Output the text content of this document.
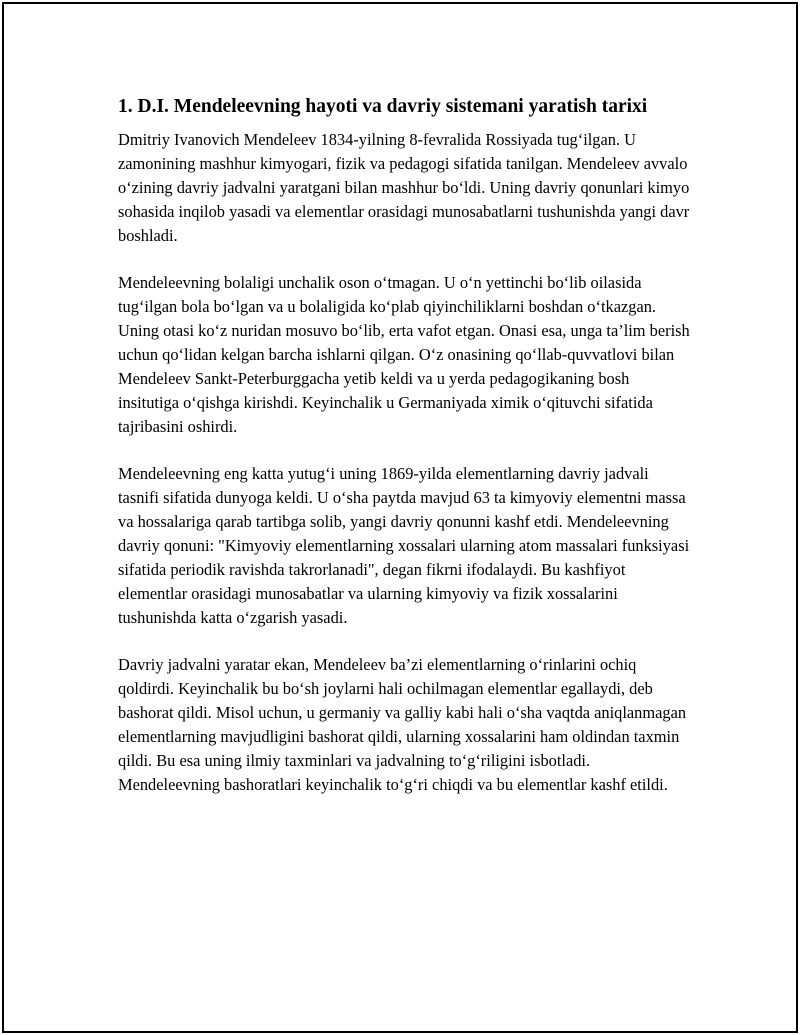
1. D.I. Mendeleevning hayoti va davriy sistemani yaratish tarixi

Dmitriy Ivanovich Mendeleev 1834-yilning 8-fevralida Rossiyada tug‘ilgan. U zamonining mashhur kimyogari, fizik va pedagogi sifatida tanilgan. Mendeleev avvalo o‘zining davriy jadvalni yaratgani bilan mashhur bo‘ldi. Uning davriy qonunlari kimyo sohasida inqilob yasadi va elementlar orasidagi munosabatlarni tushunishda yangi davr boshladi.

Mendeleevning bolaligi unchalik oson o‘tmagan. U o‘n yettinchi bo‘lib oilasida tug‘ilgan bola bo‘lgan va u bolaligida ko‘plab qiyinchiliklarni boshdan o‘tkazgan. Uning otasi ko‘z nuridan mosuvo bo‘lib, erta vafot etgan. Onasi esa, unga ta’lim berish uchun qo‘lidan kelgan barcha ishlarni qilgan. O‘z onasining qo‘llab-quvvatlovi bilan Mendeleev Sankt-Peterburggacha yetib keldi va u yerda pedagogikaning bosh insitutiga o‘qishga kirishdi. Keyinchalik u Germaniyada ximik o‘qituvchi sifatida tajribasini oshirdi.

Mendeleevning eng katta yutug‘i uning 1869-yilda elementlarning davriy jadvali tasnifi sifatida dunyoga keldi. U o‘sha paytda mavjud 63 ta kimyoviy elementni massa va hossalariga qarab tartibga solib, yangi davriy qonunni kashf etdi. Mendeleevning davriy qonuni: "Kimyoviy elementlarning xossalari ularning atom massalari funksiyasi sifatida periodik ravishda takrorlanadi", degan fikrni ifodalaydi. Bu kashfiyot elementlar orasidagi munosabatlar va ularning kimyoviy va fizik xossalarini tushunishda katta o‘zgarish yasadi.

Davriy jadvalni yaratar ekan, Mendeleev ba’zi elementlarning o‘rinlarini ochiq qoldirdi. Keyinchalik bu bo‘sh joylarni hali ochilmagan elementlar egallaydi, deb bashorat qildi. Misol uchun, u germaniy va galliy kabi hali o‘sha vaqtda aniqlanmagan elementlarning mavjudligini bashorat qildi, ularning xossalarini ham oldindan taxmin qildi. Bu esa uning ilmiy taxminlari va jadvalning to‘g‘riligini isbotladi. Mendeleevning bashoratlari keyinchalik to‘g‘ri chiqdi va bu elementlar kashf etildi.
